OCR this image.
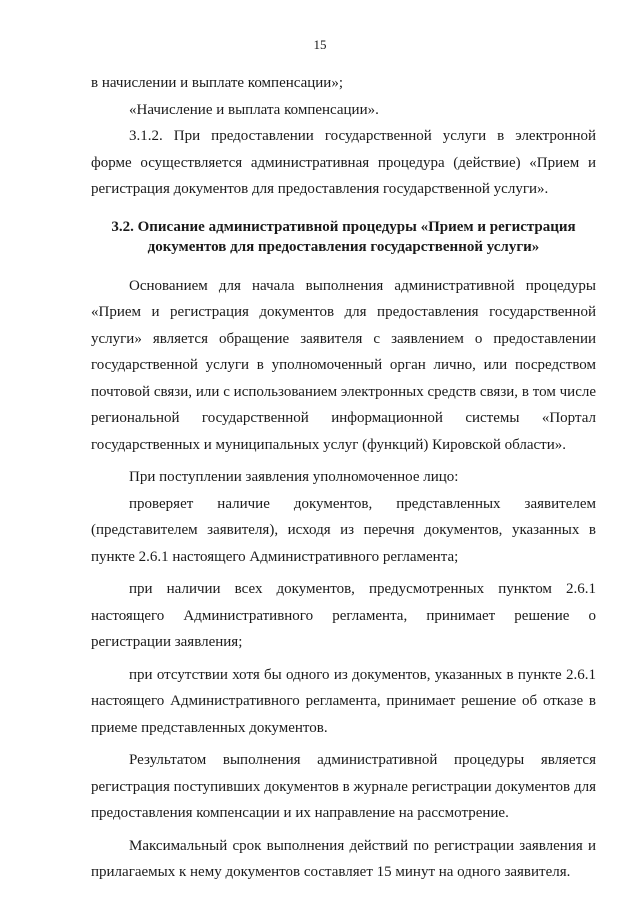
15

в начислении и выплате компенсации»;

«Начисление и выплата компенсации».

3.1.2. При предоставлении государственной услуги в электронной форме осуществляется административная процедура (действие) «Прием и регистрация документов для предоставления государственной услуги».

3.2. Описание административной процедуры «Прием и регистрация документов для предоставления государственной услуги»

Основанием для начала выполнения административной процедуры «Прием и регистрация документов для предоставления государственной услуги» является обращение заявителя с заявлением о предоставлении государственной услуги в уполномоченный орган лично, или посредством почтовой связи, или с использованием электронных средств связи, в том числе региональной государственной информационной системы «Портал государственных и муниципальных услуг (функций) Кировской области».

При поступлении заявления уполномоченное лицо:

проверяет наличие документов, представленных заявителем (представителем заявителя), исходя из перечня документов, указанных в пункте 2.6.1 настоящего Административного регламента;

при наличии всех документов, предусмотренных пунктом 2.6.1 настоящего Административного регламента, принимает решение о регистрации заявления;

при отсутствии хотя бы одного из документов, указанных в пункте 2.6.1 настоящего Административного регламента, принимает решение об отказе в приеме представленных документов.

Результатом выполнения административной процедуры является регистрация поступивших документов в журнале регистрации документов для предоставления компенсации и их направление на рассмотрение.

Максимальный срок выполнения действий по регистрации заявления и прилагаемых к нему документов составляет 15 минут на одного заявителя.
